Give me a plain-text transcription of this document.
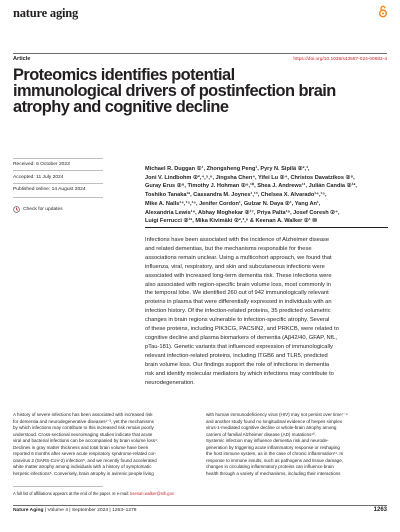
nature aging
Article	https://doi.org/10.1038/s43587-024-00682-4
Proteomics identifies potential
immunological drivers of postinfection brain
atrophy and cognitive decline
Received: 6 October 2023
Accepted: 11 July 2024
Published online: 14 August 2024
Check for updates
Michael R. Duggan ①¹, Zhongsheng Peng¹, Pyry N. Sipilä ②²,³,
Joni V. Lindbohm ②²,⁴,⁵,⁶, Jingsha Chen⁴, Yifei Lu ②⁴, Christos Davatzikos ②⁸,
Guray Erus ②⁸, Timothy J. Hohman ②⁹,¹⁰, Shea J. Andrews¹¹, Julián Candia ②¹²,
Toshiko Tanaka¹², Cassandra M. Joynes¹,¹³, Chelsea X. Alvarado¹⁴,¹⁵,
Mike A. Nalls¹⁴,¹⁵,¹⁶, Jenifer Cordon¹, Gulzar N. Daya ②¹, Yang An¹,
Alexandria Lewis¹⁶, Abhay Moghekar ②¹⁷, Priya Palta¹⁸, Josef Coresh ②⁴,
Luigi Ferrucci ②¹², Mika Kivimäki ②²,³,⁶ & Keenan A. Walker ②¹ ✉
Infections have been associated with the incidence of Alzheimer disease
and related dementias, but the mechanisms responsible for these
associations remain unclear. Using a multicohort approach, we found that
influenza, viral, respiratory, and skin and subcutaneous infections were
associated with increased long-term dementia risk. These infections were
also associated with region-specific brain volume loss, most commonly in
the temporal lobe. We identified 260 out of 942 immunologically relevant
proteins in plasma that were differentially expressed in individuals with an
infection history. Of the infection-related proteins, 35 predicted volumetric
changes in brain regions vulnerable to infection-specific atrophy. Several
of these proteins, including PIK3CG, PACSIN2, and PRKCB, were related to
cognitive decline and plasma biomarkers of dementia (Aβ42/40, GFAP, NfL,
pTau-181). Genetic variants that influenced expression of immunologically
relevant infection-related proteins, including ITGB6 and TLR5, predicted
brain volume loss. Our findings support the role of infections in dementia
risk and identify molecular mediators by which infections may contribute to
neurodegeneration.
A history of severe infections has been associated with increased risk
for dementia and neurodegenerative diseases¹⁻³, yet the mechanisms
by which infections may contribute to this increased risk remain poorly
understood. Cross-sectional neuroimaging studies indicate that acute
viral and bacterial infections can be accompanied by brain volume loss⁴.
Declines in gray matter thickness and total brain volume have been
reported 6 months after severe acute respiratory syndrome-related cor-
onavirus 2 (SARS-CoV-2) infection⁵, and we recently found accelerated
white matter atrophy among individuals with a history of symptomatic
herpetic infections⁶. Conversely, brain atrophy in avirenic people living
with human immunodeficiency virus (HIV) may not persist over time⁷⁻⁹
and another study found no longitudinal evidence of herpes simplex
virus-1-mediated cognitive decline or whole-brain atrophy among
carriers of familial Alzheimer disease (AD) mutations¹⁰.
Systemic infection may influence dementia risk and neurode-
generation by triggering acute inflammatory response or reshaping
the host immune system, as in the case of chronic inflammation¹¹. In
response to immune insults, such as pathogens and tissue damage,
changes in circulating inflammatory proteins can influence brain
health through a variety of mechanisms, including their interactions
A full list of affiliations appears at the end of the paper. ✉ e-mail: keenan.walker@nih.gov
Nature Aging | Volume 4 | September 2024 | 1263–1278	1263
